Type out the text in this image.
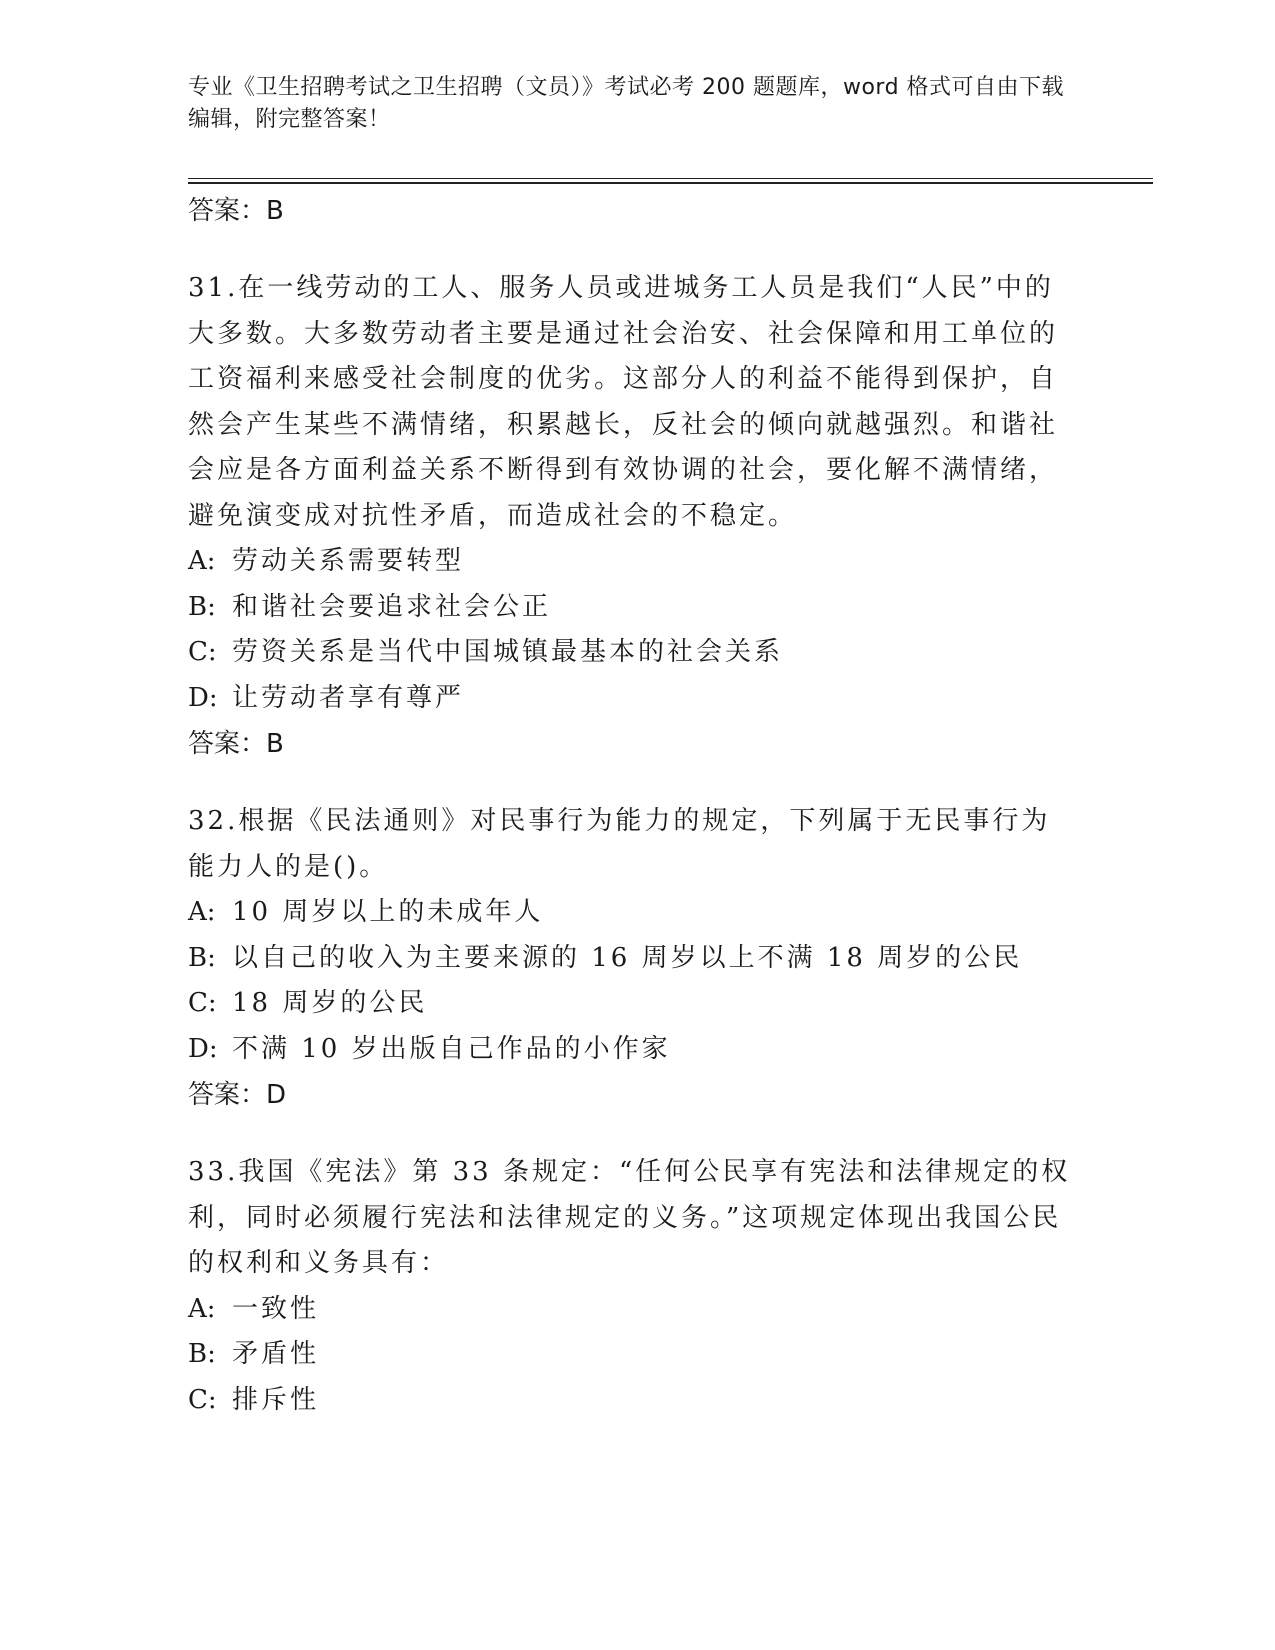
专业《卫生招聘考试之卫生招聘（文员）》考试必考 200 题题库，word 格式可自由下载编辑，附完整答案！

答案：B

31.在一线劳动的工人、服务人员或进城务工人员是我们“人民”中的大多数。大多数劳动者主要是通过社会治安、社会保障和用工单位的工资福利来感受社会制度的优劣。这部分人的利益不能得到保护，自然会产生某些不满情绪，积累越长，反社会的倾向就越强烈。和谐社会应是各方面利益关系不断得到有效协调的社会，要化解不满情绪，避免演变成对抗性矛盾，而造成社会的不稳定。

A: 劳动关系需要转型

B: 和谐社会要追求社会公正

C: 劳资关系是当代中国城镇最基本的社会关系

D: 让劳动者享有尊严

答案：B

32.根据《民法通则》对民事行为能力的规定，下列属于无民事行为能力人的是()。

A: 10 周岁以上的未成年人

B: 以自己的收入为主要来源的 16 周岁以上不满 18 周岁的公民

C: 18 周岁的公民

D: 不满 10 岁出版自己作品的小作家

答案：D

33.我国《宪法》第 33 条规定：“任何公民享有宪法和法律规定的权利，同时必须履行宪法和法律规定的义务。”这项规定体现出我国公民的权利和义务具有：

A: 一致性

B: 矛盾性

C: 排斥性
